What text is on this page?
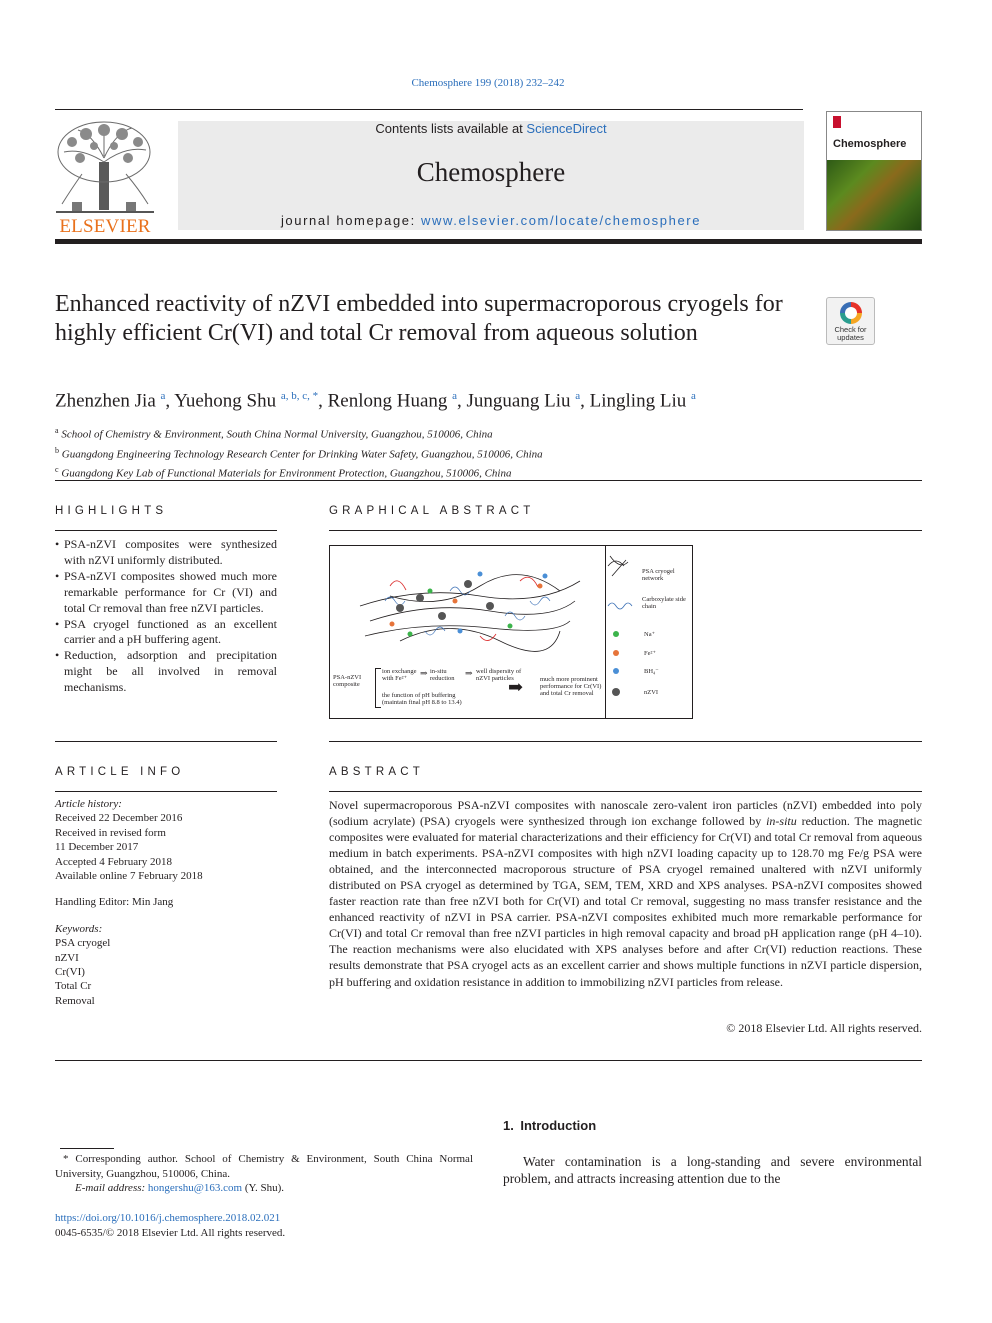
Chemosphere 199 (2018) 232–242
ELSEVIER
Contents lists available at ScienceDirect
Chemosphere
journal homepage: www.elsevier.com/locate/chemosphere
Chemosphere
Enhanced reactivity of nZVI embedded into supermacroporous cryogels for highly efficient Cr(VI) and total Cr removal from aqueous solution	Check for
updates
Zhenzhen Jia $^a$, Yuehong Shu $^{a, b, c, *}$, Renlong Huang $^a$, Junguang Liu $^a$, Lingling Liu $^a$
$^a$ School of Chemistry & Environment, South China Normal University, Guangzhou, 510006, China
$^b$ Guangdong Engineering Technology Research Center for Drinking Water Safety, Guangzhou, 510006, China
$^c$ Guangdong Key Lab of Functional Materials for Environment Protection, Guangzhou, 510006, China
HIGHLIGHTS
• PSA-nZVI composites were synthesized with nZVI uniformly distributed.
• PSA-nZVI composites showed much more remarkable performance for Cr (VI) and total Cr removal than free nZVI particles.
• PSA cryogel functioned as an excellent carrier and a pH buffering agent.
• Reduction, adsorption and precipitation might be all involved in removal mechanisms.
GRAPHICAL ABSTRACT
PSA-nZVI composite
ion exchange with Fe²⁺
⇒ in-situ reduction
⇒ well dispersity of nZVI particles
the function of pH buffering (maintain final pH 8.8 to 13.4)
➡	much more prominent performance for Cr(VI) and total Cr removal
PSA cryogel network
Carboxylate side chain
Na⁺
Fe²⁺
BH₄⁻
nZVI
ARTICLE INFO
Article history:
Received 22 December 2016
Received in revised form
11 December 2017
Accepted 4 February 2018
Available online 7 February 2018
Handling Editor: Min Jang
Keywords:
PSA cryogel
nZVI
Cr(VI)
Total Cr
Removal
ABSTRACT
Novel supermacroporous PSA-nZVI composites with nanoscale zero-valent iron particles (nZVI) embedded into poly (sodium acrylate) (PSA) cryogels were synthesized through ion exchange followed by in-situ reduction. The magnetic composites were evaluated for material characterizations and their efficiency for Cr(VI) and total Cr removal from aqueous medium in batch experiments. PSA-nZVI composites with high nZVI loading capacity up to 128.70 mg Fe/g PSA were obtained, and the interconnected macroporous structure of PSA cryogel remained unaltered with nZVI uniformly distributed on PSA cryogel as determined by TGA, SEM, TEM, XRD and XPS analyses. PSA-nZVI composites showed faster reaction rate than free nZVI both for Cr(VI) and total Cr removal, suggesting no mass transfer resistance and the enhanced reactivity of nZVI in PSA carrier. PSA-nZVI composites exhibited much more remarkable performance for Cr(VI) and total Cr removal than free nZVI particles in high removal capacity and broad pH application range (pH 4–10). The reaction mechanisms were also elucidated with XPS analyses before and after Cr(VI) reduction reactions. These results demonstrate that PSA cryogel acts as an excellent carrier and shows multiple functions in nZVI particle dispersion, pH buffering and oxidation resistance in addition to immobilizing nZVI particles from release.
© 2018 Elsevier Ltd. All rights reserved.
* Corresponding author. School of Chemistry & Environment, South China Normal University, Guangzhou, 510006, China.
E-mail address: hongershu@163.com (Y. Shu).
https://doi.org/10.1016/j.chemosphere.2018.02.021
0045-6535/© 2018 Elsevier Ltd. All rights reserved.
1. Introduction
Water contamination is a long-standing and severe environmental problem, and attracts increasing attention due to the
